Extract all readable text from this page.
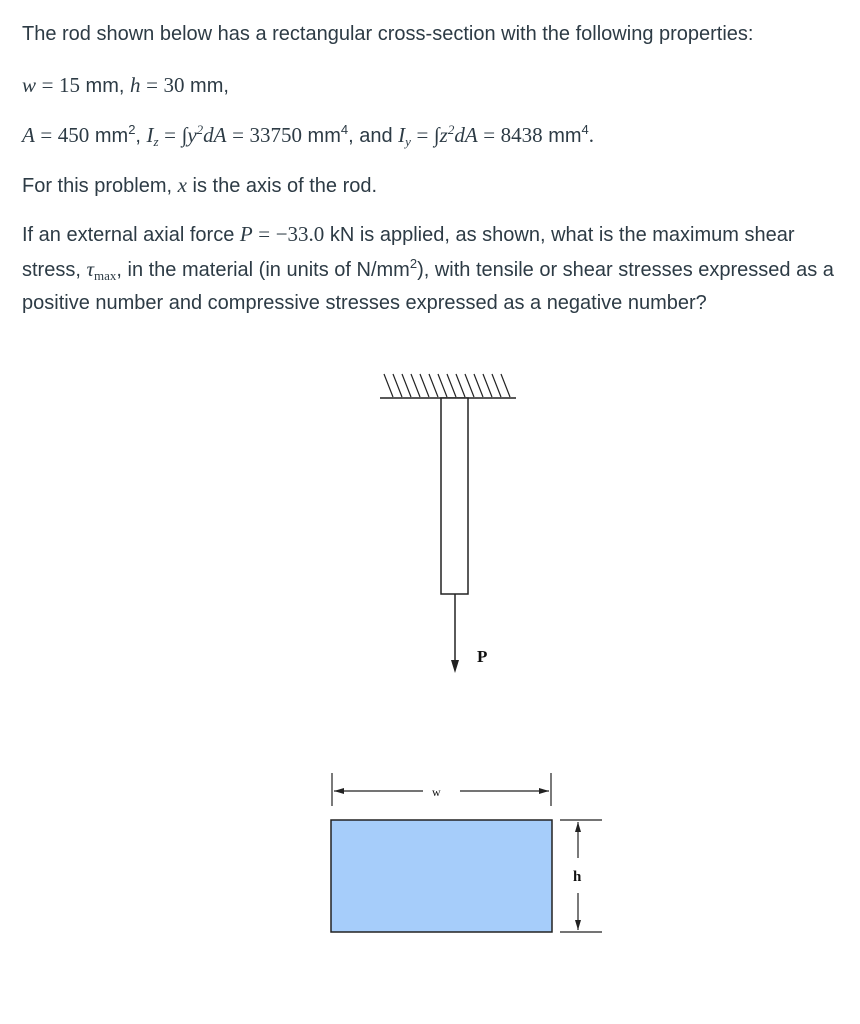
The rod shown below has a rectangular cross-section with the following properties:

w = 15 mm, h = 30 mm,

A = 450 $mm^2$, $I_z = \int y^2dA = 33750$ $mm^4$, and $I_y = \int z^2dA = 8438$ $mm^4$.

For this problem, x is the axis of the rod.

If an external axial force P = −33.0 kN is applied, as shown, what is the maximum shear stress, $\tau_{max}$, in the material (in units of $N/mm^2$), with tensile or shear stresses expressed as a positive number and compressive stresses expressed as a negative number?

P
w
h
